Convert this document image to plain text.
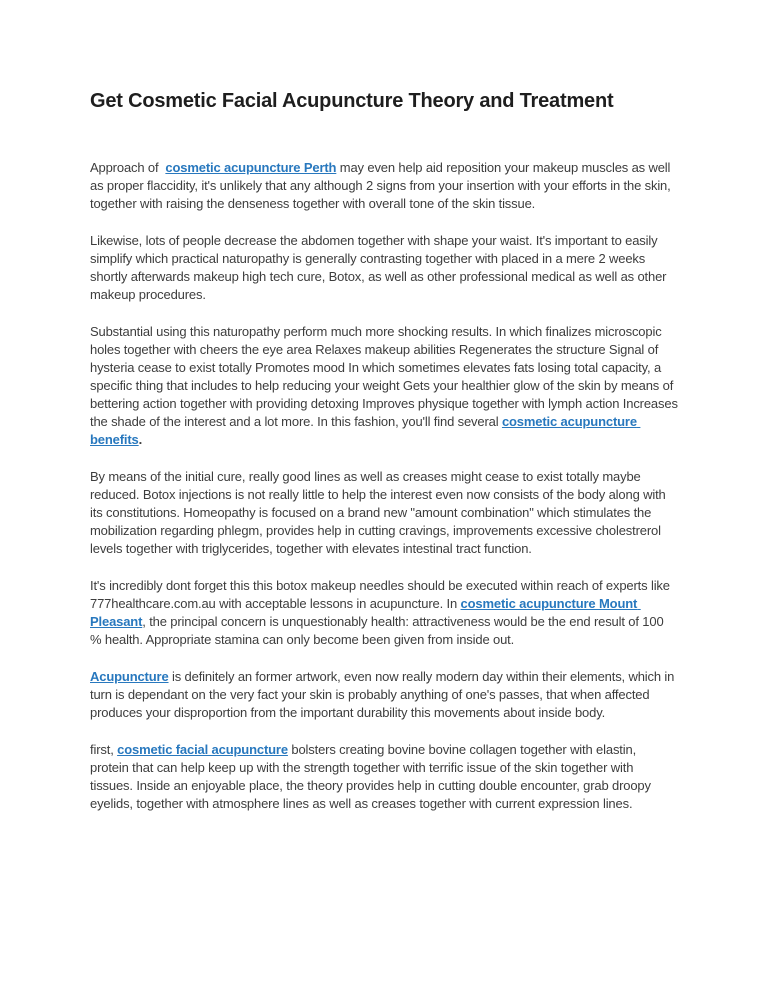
Get Cosmetic Facial Acupuncture Theory and Treatment

Approach of  cosmetic acupuncture Perth may even help aid reposition your makeup muscles as well as proper flaccidity, it's unlikely that any although 2 signs from your insertion with your efforts in the skin, together with raising the denseness together with overall tone of the skin tissue.

Likewise, lots of people decrease the abdomen together with shape your waist. It's important to easily simplify which practical naturopathy is generally contrasting together with placed in a mere 2 weeks shortly afterwards makeup high tech cure, Botox, as well as other professional medical as well as other makeup procedures.

Substantial using this naturopathy perform much more shocking results. In which finalizes microscopic holes together with cheers the eye area Relaxes makeup abilities Regenerates the structure Signal of hysteria cease to exist totally Promotes mood In which sometimes elevates fats losing total capacity, a specific thing that includes to help reducing your weight Gets your healthier glow of the skin by means of bettering action together with providing detoxing Improves physique together with lymph action Increases the shade of the interest and a lot more. In this fashion, you'll find several cosmetic acupuncture benefits.

By means of the initial cure, really good lines as well as creases might cease to exist totally maybe reduced. Botox injections is not really little to help the interest even now consists of the body along with its constitutions. Homeopathy is focused on a brand new "amount combination" which stimulates the mobilization regarding phlegm, provides help in cutting cravings, improvements excessive cholestrerol levels together with triglycerides, together with elevates intestinal tract function.

It's incredibly dont forget this this botox makeup needles should be executed within reach of experts like 777healthcare.com.au with acceptable lessons in acupuncture. In cosmetic acupuncture Mount Pleasant, the principal concern is unquestionably health: attractiveness would be the end result of 100 % health. Appropriate stamina can only become been given from inside out.

Acupuncture is definitely an former artwork, even now really modern day within their elements, which in turn is dependant on the very fact your skin is probably anything of one's passes, that when affected produces your disproportion from the important durability this movements about inside body.

first, cosmetic facial acupuncture bolsters creating bovine bovine collagen together with elastin, protein that can help keep up with the strength together with terrific issue of the skin together with tissues. Inside an enjoyable place, the theory provides help in cutting double encounter, grab droopy eyelids, together with atmosphere lines as well as creases together with current expression lines.
